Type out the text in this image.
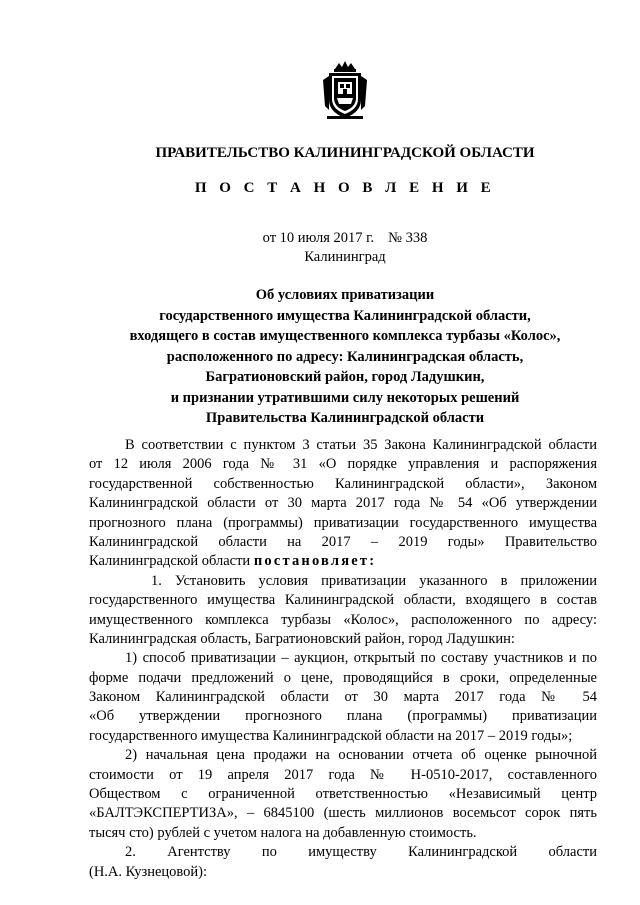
ПРАВИТЕЛЬСТВО КАЛИНИНГРАДСКОЙ ОБЛАСТИ
П О С Т А Н О В Л Е Н И Е
от 10 июля 2017 г. № 338
Калининград
Об условиях приватизации
государственного имущества Калининградской области,
входящего в состав имущественного комплекса турбазы «Колос»,
расположенного по адресу: Калининградская область,
Багратионовский район, город Ладушкин,
и признании утратившими силу некоторых решений
Правительства Калининградской области
В соответствии с пунктом 3 статьи 35 Закона Калининградской области
от 12 июля 2006 года № 31 «О порядке управления и распоряжения
государственной собственностью Калининградской области», Законом
Калининградской области от 30 марта 2017 года № 54 «Об утверждении
прогнозного плана (программы) приватизации государственного имущества
Калининградской области на 2017 – 2019 годы» Правительство
Калининградской области постановляет:
1. Установить условия приватизации указанного в приложении
государственного имущества Калининградской области, входящего в состав
имущественного комплекса турбазы «Колос», расположенного по адресу:
Калининградская область, Багратионовский район, город Ладушкин:
1) способ приватизации – аукцион, открытый по составу участников и по
форме подачи предложений о цене, проводящийся в сроки, определенные
Законом Калининградской области от 30 марта 2017 года № 54
«Об утверждении прогнозного плана (программы) приватизации
государственного имущества Калининградской области на 2017 – 2019 годы»;
2) начальная цена продажи на основании отчета об оценке рыночной
стоимости от 19 апреля 2017 года № Н-0510-2017, составленного
Обществом с ограниченной ответственностью «Независимый центр
«БАЛТЭКСПЕРТИЗА», – 6845100 (шесть миллионов восемьсот сорок пять
тысяч сто) рублей с учетом налога на добавленную стоимость.
2. Агентству по имуществу Калининградской области
(Н.А. Кузнецовой):
